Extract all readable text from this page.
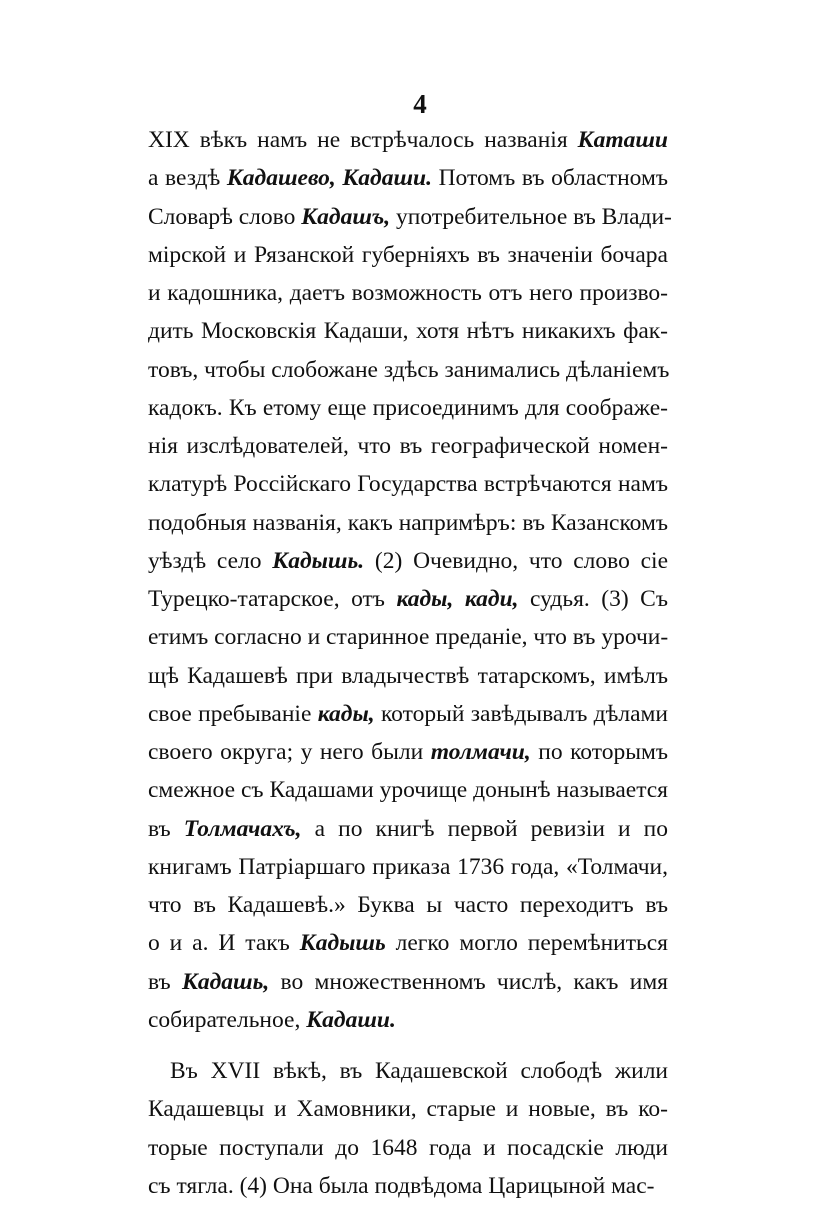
4
XIX вѣкъ намъ не встрѣчалось названія Каташи
а вездѣ Кадашево, Кадаши. Потомъ въ областномъ
Словарѣ слово Кадашъ, употребительное въ Влади-
мірской и Рязанской губерніяхъ въ значеніи бочара
и кадошника, даетъ возможность отъ него произво-
дить Московскія Кадаши, хотя нѣтъ никакихъ фак-
товъ, чтобы слобожане здѣсь занимались дѣланіемъ
кадокъ. Къ етому еще присоединимъ для соображе-
нія изслѣдователей, что въ географической номен-
клатурѣ Россійскаго Государства встрѣчаются намъ
подобныя названія, какъ напримѣръ: въ Казанскомъ
уѣздѣ село Кадышь. (2) Очевидно, что слово сіе
Турецко-татарское, отъ кады, кади, судья. (3) Съ
етимъ согласно и старинное преданіе, что въ урочи-
щѣ Кадашевѣ при владычествѣ татарскомъ, имѣлъ
свое пребываніе кады, который завѣдывалъ дѣлами
своего округа; у него были толмачи, по которымъ
смежное съ Кадашами урочище донынѣ называется
въ Толмачахъ, а по книгѣ первой ревизіи и по
книгамъ Патріаршаго приказа 1736 года, «Толмачи,
что въ Кадашевѣ.» Буква ы часто переходитъ въ
о и а. И такъ Кадышь легко могло перемѣниться
въ Кадашь, во множественномъ числѣ, какъ имя
собирательное, Кадаши.
Въ XVII вѣкѣ, въ Кадашевской слободѣ жили
Кадашевцы и Хамовники, старые и новые, въ ко-
торые поступали до 1648 года и посадскіе люди
съ тягла. (4) Она была подвѣдома Царицыной мас-
